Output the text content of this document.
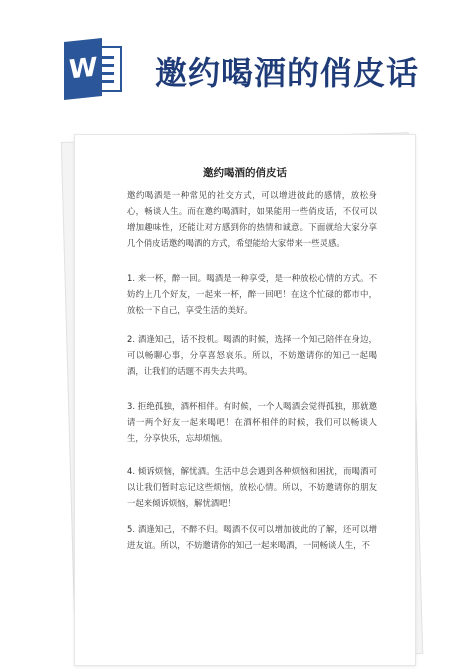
W 邀约喝酒的俏皮话
邀约喝酒的俏皮话
邀约喝酒是一种常见的社交方式，可以增进彼此的感情，放松身心，畅谈人生。而在邀约喝酒时，如果能用一些俏皮话，不仅可以增加趣味性，还能让对方感到你的热情和诚意。下面就给大家分享几个俏皮话邀约喝酒的方式，希望能给大家带来一些灵感。
1. 来一杯，醉一回。喝酒是一种享受，是一种放松心情的方式。不妨约上几个好友，一起来一杯，醉一回吧！在这个忙碌的都市中，放松一下自己，享受生活的美好。
2. 酒逢知己，话不投机。喝酒的时候，选择一个知己陪伴在身边，可以畅聊心事，分享喜怒哀乐。所以，不妨邀请你的知己一起喝酒，让我们的话题不再失去共鸣。
3. 拒绝孤独，酒杯相伴。有时候，一个人喝酒会觉得孤独，那就邀请一两个好友一起来喝吧！在酒杯相伴的时候，我们可以畅谈人生，分享快乐，忘却烦恼。
4. 倾诉烦恼，解忧酒。生活中总会遇到各种烦恼和困扰，而喝酒可以让我们暂时忘记这些烦恼，放松心情。所以，不妨邀请你的朋友一起来倾诉烦恼，解忧酒吧！
5. 酒逢知己，不醉不归。喝酒不仅可以增加彼此的了解，还可以增进友谊。所以，不妨邀请你的知己一起来喝酒，一同畅谈人生，不
